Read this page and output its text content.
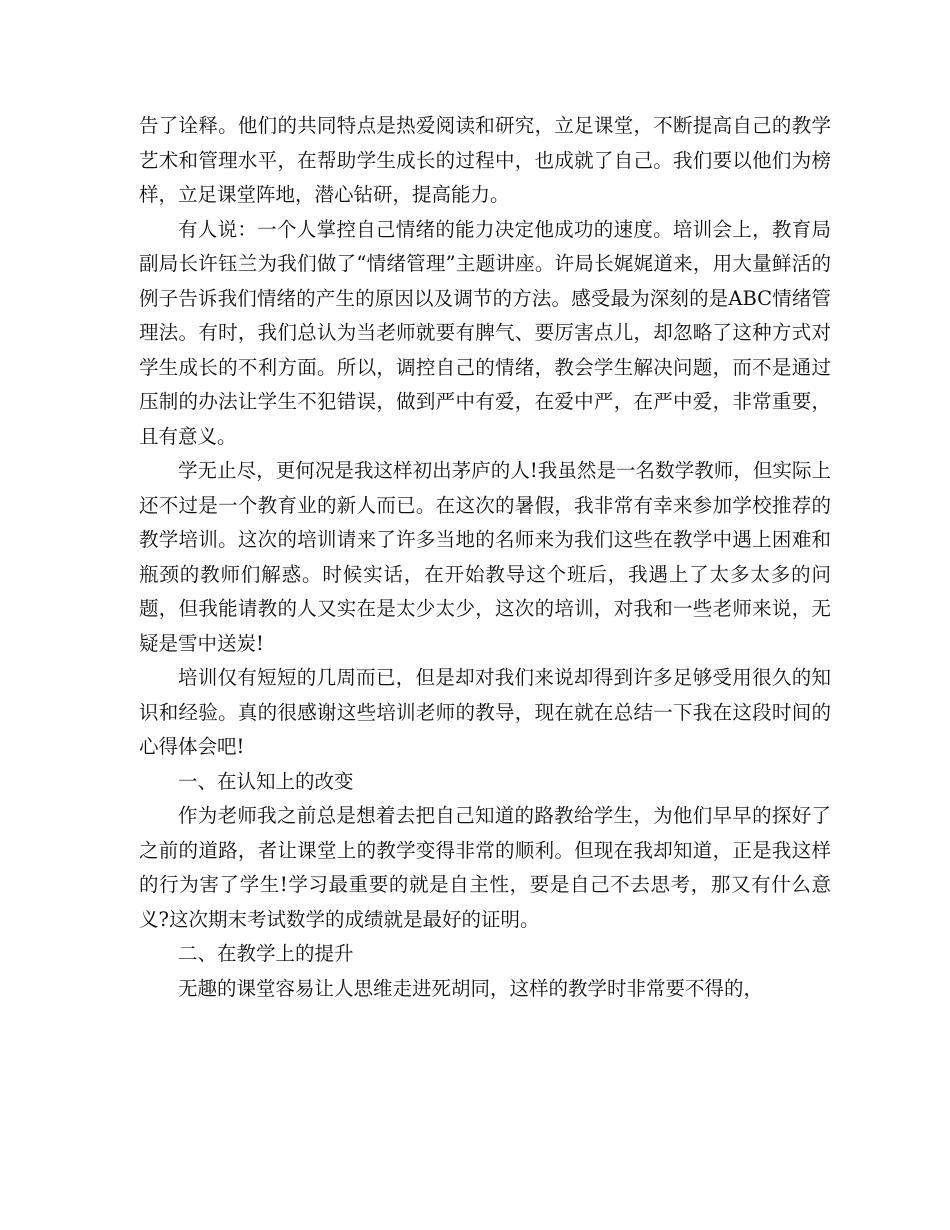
告了诠释。他们的共同特点是热爱阅读和研究，立足课堂，不断提高自己的教学艺术和管理水平，在帮助学生成长的过程中，也成就了自己。我们要以他们为榜样，立足课堂阵地，潜心钻研，提高能力。

有人说：一个人掌控自己情绪的能力决定他成功的速度。培训会上，教育局副局长许钰兰为我们做了“情绪管理”主题讲座。许局长娓娓道来，用大量鲜活的例子告诉我们情绪的产生的原因以及调节的方法。感受最为深刻的是ABC情绪管理法。有时，我们总认为当老师就要有脾气、要厉害点儿，却忽略了这种方式对学生成长的不利方面。所以，调控自己的情绪，教会学生解决问题，而不是通过压制的办法让学生不犯错误，做到严中有爱，在爱中严，在严中爱，非常重要，且有意义。

学无止尽，更何况是我这样初出茅庐的人!我虽然是一名数学教师，但实际上还不过是一个教育业的新人而已。在这次的暑假，我非常有幸来参加学校推荐的教学培训。这次的培训请来了许多当地的名师来为我们这些在教学中遇上困难和瓶颈的教师们解惑。时候实话，在开始教导这个班后，我遇上了太多太多的问题，但我能请教的人又实在是太少太少，这次的培训，对我和一些老师来说，无疑是雪中送炭!

培训仅有短短的几周而已，但是却对我们来说却得到许多足够受用很久的知识和经验。真的很感谢这些培训老师的教导，现在就在总结一下我在这段时间的心得体会吧!

一、在认知上的改变

作为老师我之前总是想着去把自己知道的路教给学生，为他们早早的探好了之前的道路，者让课堂上的教学变得非常的顺利。但现在我却知道，正是我这样的行为害了学生!学习最重要的就是自主性，要是自己不去思考，那又有什么意义?这次期末考试数学的成绩就是最好的证明。

二、在教学上的提升

无趣的课堂容易让人思维走进死胡同，这样的教学时非常要不得的，
